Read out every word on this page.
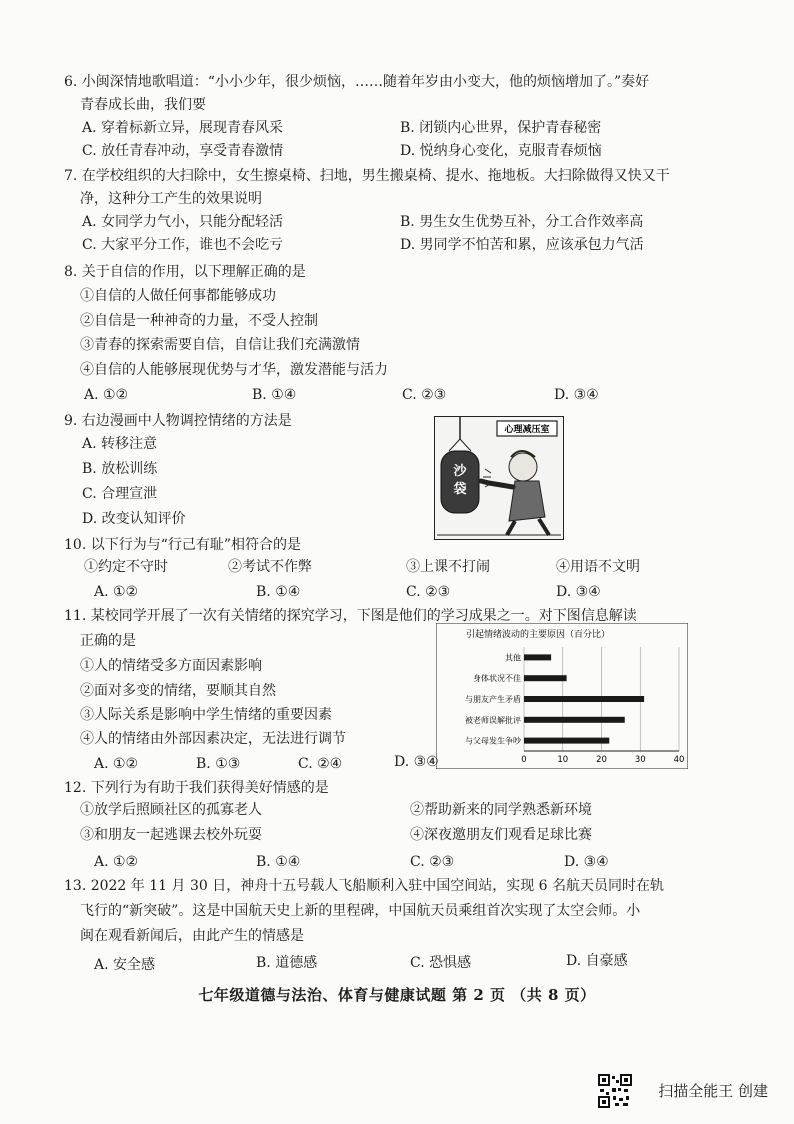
6. 小闽深情地歌唱道：“小小少年，很少烦恼，……随着年岁由小变大，他的烦恼增加了。”奏好
青春成长曲，我们要
A. 穿着标新立异，展现青春风采	B. 闭锁内心世界，保护青春秘密
C. 放任青春冲动，享受青春激情	D. 悦纳身心变化，克服青春烦恼
7. 在学校组织的大扫除中，女生擦桌椅、扫地，男生搬桌椅、提水、拖地板。大扫除做得又快又干
净，这种分工产生的效果说明
A. 女同学力气小，只能分配轻活	B. 男生女生优势互补，分工合作效率高
C. 大家平分工作，谁也不会吃亏	D. 男同学不怕苦和累，应该承包力气活
8. 关于自信的作用，以下理解正确的是
①自信的人做任何事都能够成功
②自信是一种神奇的力量，不受人控制
③青春的探索需要自信，自信让我们充满激情
④自信的人能够展现优势与才华，激发潜能与活力
A. ①②	B. ①④	C. ②③	D. ③④
9. 右边漫画中人物调控情绪的方法是
A. 转移注意
B. 放松训练
C. 合理宣泄
D. 改变认知评价
心理减压室
沙
袋
10. 以下行为与“行己有耻”相符合的是
①约定不守时	②考试不作弊	③上课不打闹	④用语不文明
A. ①②	B. ①④	C. ②③	D. ③④
11. 某校同学开展了一次有关情绪的探究学习，下图是他们的学习成果之一。对下图信息解读
正确的是
①人的情绪受多方面因素影响
②面对多变的情绪，要顺其自然
③人际关系是影响中学生情绪的重要因素
④人的情绪由外部因素决定，无法进行调节
A. ①②	B. ①③	C. ②④	D. ③④
引起情绪波动的主要原因（百分比）
其他
身体状况不佳
与朋友产生矛盾
被老师误解批评
与父母发生争吵
0	10	20	30	40
12. 下列行为有助于我们获得美好情感的是
①放学后照顾社区的孤寡老人	②帮助新来的同学熟悉新环境
③和朋友一起逃课去校外玩耍	④深夜邀朋友们观看足球比赛
A. ①②	B. ①④	C. ②③	D. ③④
13. 2022 年 11 月 30 日，神舟十五号载人飞船顺利入驻中国空间站，实现 6 名航天员同时在轨
飞行的“新突破”。这是中国航天史上新的里程碑，中国航天员乘组首次实现了太空会师。小
闽在观看新闻后，由此产生的情感是
A. 安全感	B. 道德感	C. 恐惧感	D. 自豪感
七年级道德与法治、体育与健康试题 第 2 页 （共 8 页）
扫描全能王 创建
